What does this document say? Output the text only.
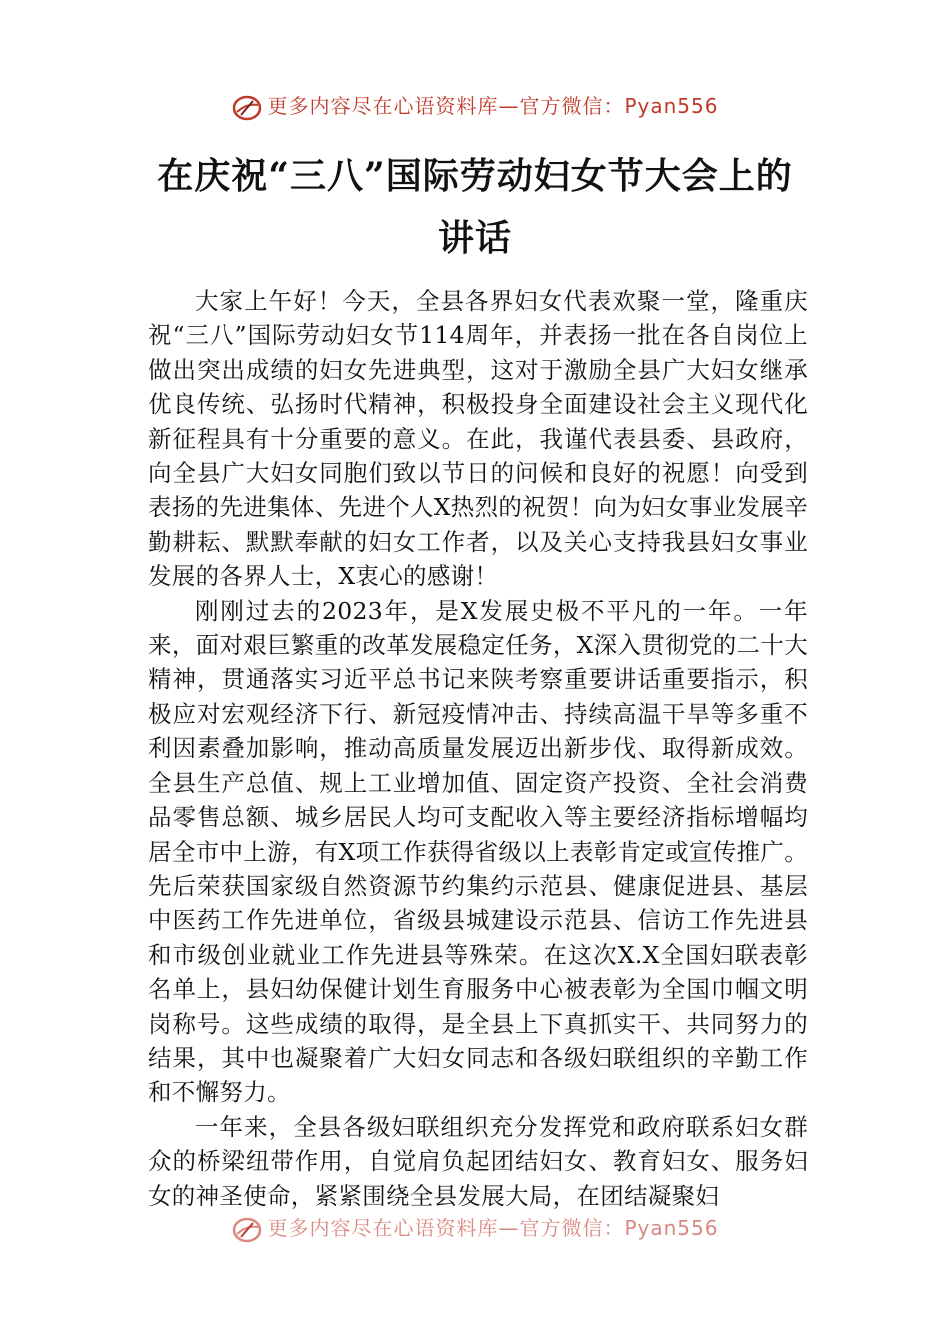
更多内容尽在心语资料库—官方微信：Pyan556
在庆祝“三八”国际劳动妇女节大会上的
讲话

大家上午好！今天，全县各界妇女代表欢聚一堂，隆重庆祝“三八”国际劳动妇女节114周年，并表扬一批在各自岗位上做出突出成绩的妇女先进典型，这对于激励全县广大妇女继承优良传统、弘扬时代精神，积极投身全面建设社会主义现代化新征程具有十分重要的意义。在此，我谨代表县委、县政府，向全县广大妇女同胞们致以节日的问候和良好的祝愿！向受到表扬的先进集体、先进个人X热烈的祝贺！向为妇女事业发展辛勤耕耘、默默奉献的妇女工作者，以及关心支持我县妇女事业发展的各界人士，X衷心的感谢！

刚刚过去的2023年，是X发展史极不平凡的一年。一年来，面对艰巨繁重的改革发展稳定任务，X深入贯彻党的二十大精神，贯通落实习近平总书记来陕考察重要讲话重要指示，积极应对宏观经济下行、新冠疫情冲击、持续高温干旱等多重不利因素叠加影响，推动高质量发展迈出新步伐、取得新成效。全县生产总值、规上工业增加值、固定资产投资、全社会消费品零售总额、城乡居民人均可支配收入等主要经济指标增幅均居全市中上游，有X项工作获得省级以上表彰肯定或宣传推广。先后荣获国家级自然资源节约集约示范县、健康促进县、基层中医药工作先进单位，省级县城建设示范县、信访工作先进县和市级创业就业工作先进县等殊荣。在这次X.X全国妇联表彰名单上，县妇幼保健计划生育服务中心被表彰为全国巾帼文明岗称号。这些成绩的取得，是全县上下真抓实干、共同努力的结果，其中也凝聚着广大妇女同志和各级妇联组织的辛勤工作和不懈努力。

一年来，全县各级妇联组织充分发挥党和政府联系妇女群众的桥梁纽带作用，自觉肩负起团结妇女、教育妇女、服务妇女的神圣使命，紧紧围绕全县发展大局，在团结凝聚妇

更多内容尽在心语资料库—官方微信：Pyan556
